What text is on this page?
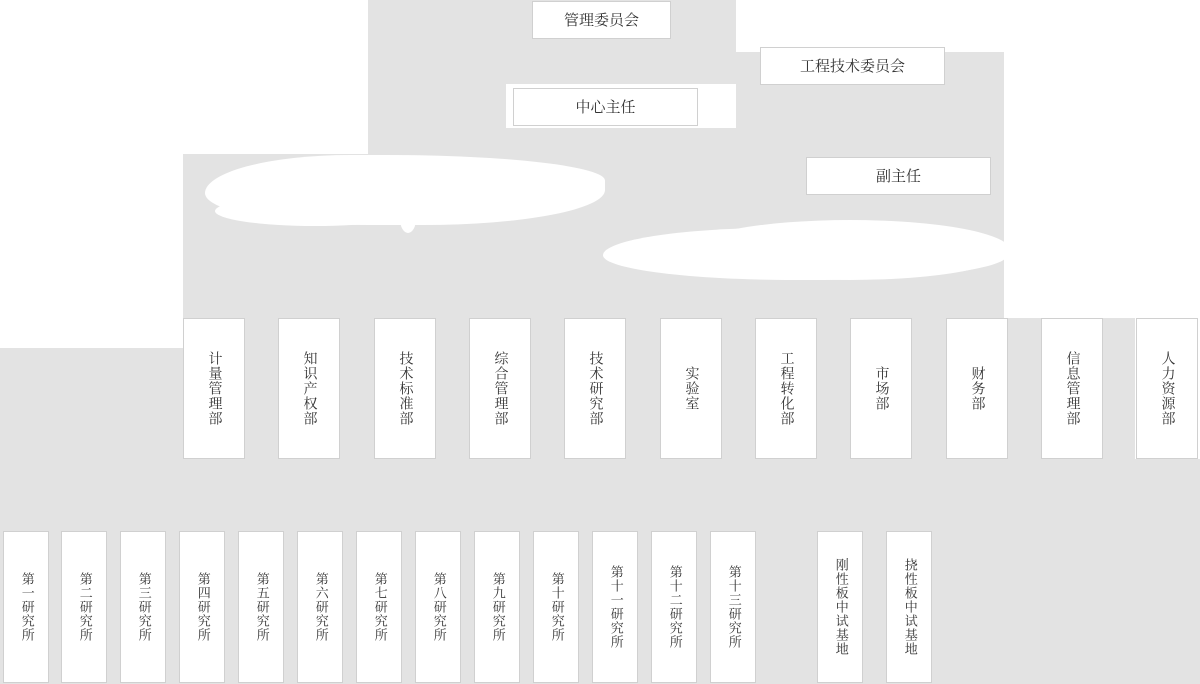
管理委员会
工程技术委员会
中心主任
副主任
计量管理部	知识产权部	技术标准部	综合管理部	技术研究部	实验室	工程转化部	市场部	财务部	信息管理部	人力资源部
第一研究所	第二研究所	第三研究所	第四研究所	第五研究所	第六研究所	第七研究所	第八研究所	第九研究所	第十研究所	第十一研究所	第十二研究所	第十三研究所	刚性板中试基地	挠性板中试基地
